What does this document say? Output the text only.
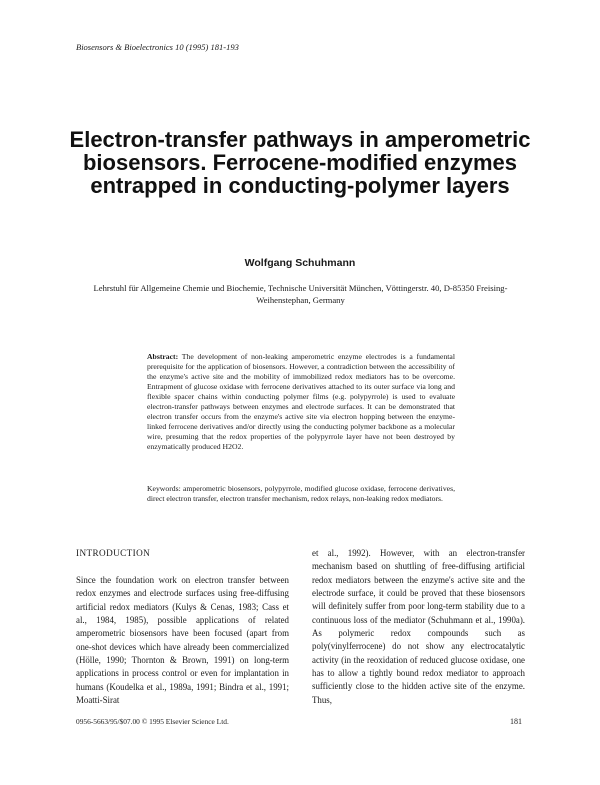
Biosensors & Bioelectronics 10 (1995) 181-193
Electron-transfer pathways in amperometric biosensors. Ferrocene-modified enzymes entrapped in conducting-polymer layers
Wolfgang Schuhmann
Lehrstuhl für Allgemeine Chemie und Biochemie, Technische Universität München, Vöttingerstr. 40, D-85350 Freising-Weihenstephan, Germany
Abstract: The development of non-leaking amperometric enzyme electrodes is a fundamental prerequisite for the application of biosensors. However, a contradiction between the accessibility of the enzyme's active site and the mobility of immobilized redox mediators has to be overcome. Entrapment of glucose oxidase with ferrocene derivatives attached to its outer surface via long and flexible spacer chains within conducting polymer films (e.g. polypyrrole) is used to evaluate electron-transfer pathways between enzymes and electrode surfaces. It can be demonstrated that electron transfer occurs from the enzyme's active site via electron hopping between the enzyme-linked ferrocene derivatives and/or directly using the conducting polymer backbone as a molecular wire, presuming that the redox properties of the polypyrrole layer have not been destroyed by enzymatically produced H2O2.
Keywords: amperometric biosensors, polypyrrole, modified glucose oxidase, ferrocene derivatives, direct electron transfer, electron transfer mechanism, redox relays, non-leaking redox mediators.
INTRODUCTION
Since the foundation work on electron transfer between redox enzymes and electrode surfaces using free-diffusing artificial redox mediators (Kulys & Cenas, 1983; Cass et al., 1984, 1985), possible applications of related amperometric biosensors have been focused (apart from one-shot devices which have already been commercialized (Hölle, 1990; Thornton & Brown, 1991) on long-term applications in process control or even for implantation in humans (Koudelka et al., 1989a, 1991; Bindra et al., 1991; Moatti-Sirat
et al., 1992). However, with an electron-transfer mechanism based on shuttling of free-diffusing artificial redox mediators between the enzyme's active site and the electrode surface, it could be proved that these biosensors will definitely suffer from poor long-term stability due to a continuous loss of the mediator (Schuhmann et al., 1990a). As polymeric redox compounds such as poly(vinylferrocene) do not show any electrocatalytic activity (in the reoxidation of reduced glucose oxidase, one has to allow a tightly bound redox mediator to approach sufficiently close to the hidden active site of the enzyme. Thus,
0956-5663/95/$07.00 © 1995 Elsevier Science Ltd.	181
